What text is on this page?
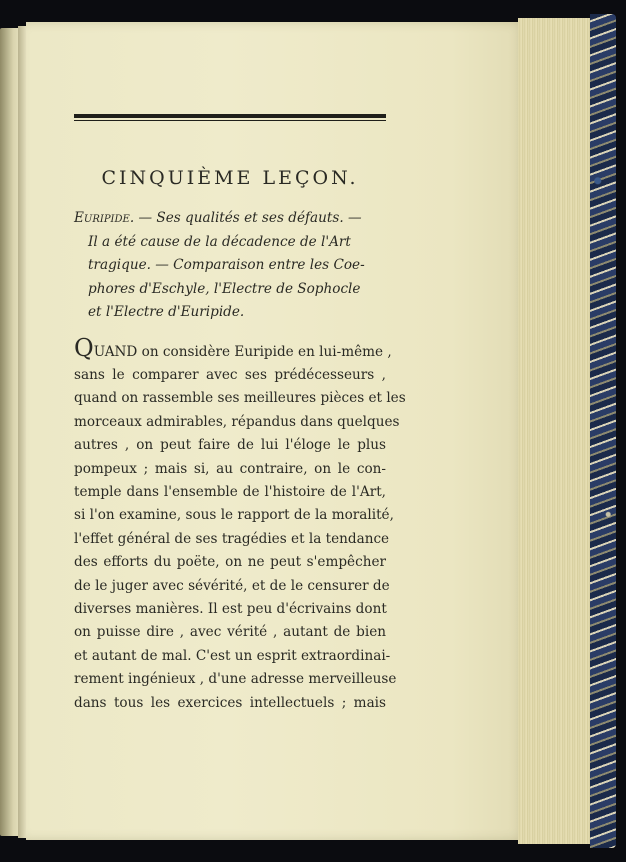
CINQUIÈME LEÇON.
Euripide. — Ses qualités et ses défauts. —
Il a été cause de la décadence de l'Art
tragique. — Comparaison entre les Coe-
phores d'Eschyle, l'Electre de Sophocle
et l'Electre d'Euripide.
QUAND on considère Euripide en lui-même ,
sans le comparer avec ses prédécesseurs ,
quand on rassemble ses meilleures pièces et les
morceaux admirables, répandus dans quelques
autres , on peut faire de lui l'éloge le plus
pompeux ; mais si, au contraire, on le con-
temple dans l'ensemble de l'histoire de l'Art,
si l'on examine, sous le rapport de la moralité,
l'effet général de ses tragédies et la tendance
des efforts du poëte, on ne peut s'empêcher
de le juger avec sévérité, et de le censurer de
diverses manières. Il est peu d'écrivains dont
on puisse dire , avec vérité , autant de bien
et autant de mal. C'est un esprit extraordinai-
rement ingénieux , d'une adresse merveilleuse
dans tous les exercices intellectuels ; mais
